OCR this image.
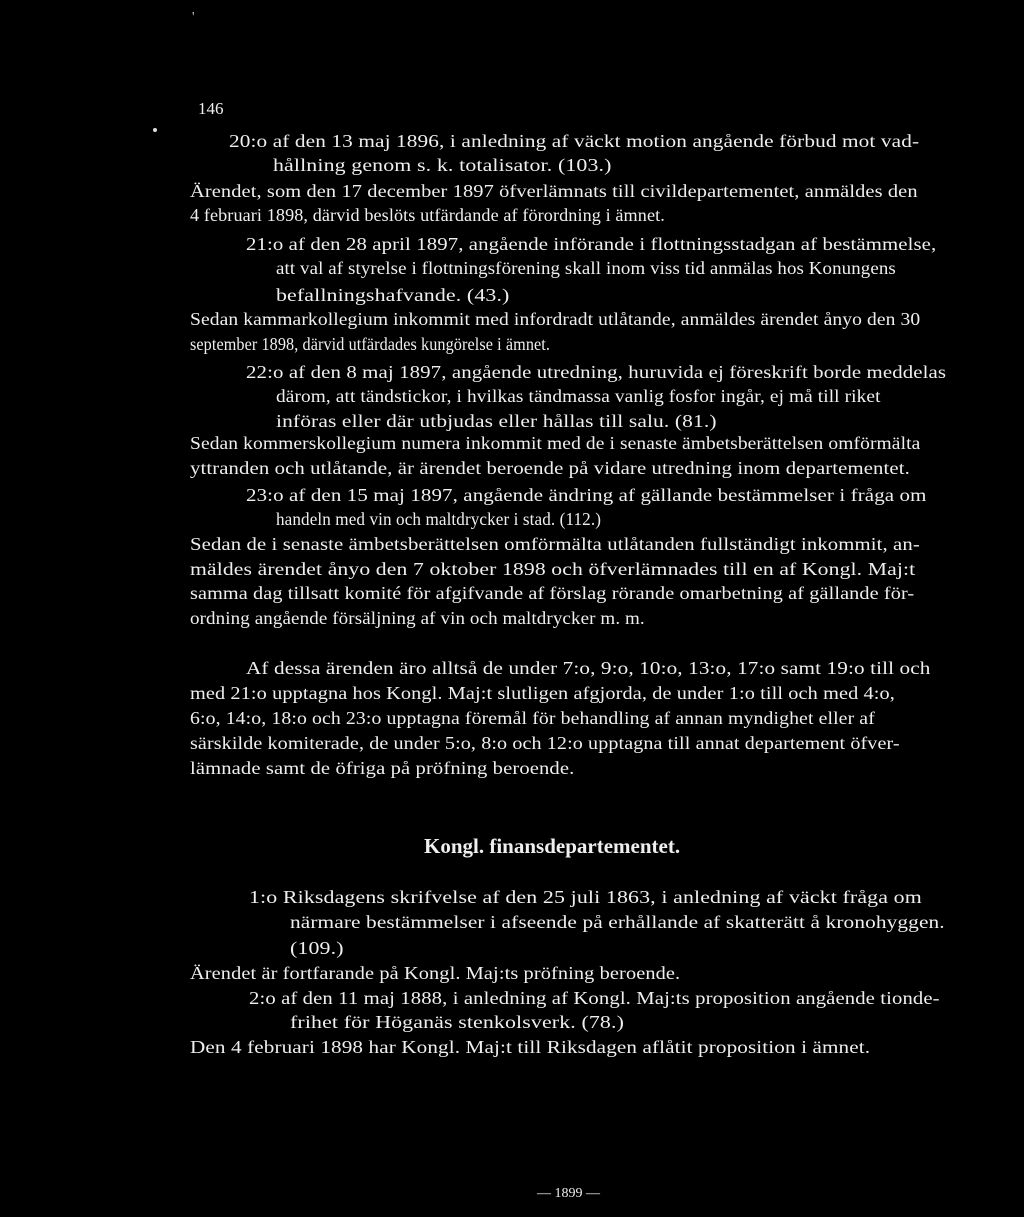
'
146
20:o af den 13 maj 1896, i anledning af väckt motion angående förbud mot vad-
hållning genom s. k. totalisator. (103.)
Ärendet, som den 17 december 1897 öfverlämnats till civildepartementet, anmäldes den
4 februari 1898, därvid beslöts utfärdande af förordning i ämnet.
21:o af den 28 april 1897, angående införande i flottningsstadgan af bestämmelse,
att val af styrelse i flottningsförening skall inom viss tid anmälas hos Konungens
befallningshafvande. (43.)
Sedan kammarkollegium inkommit med infordradt utlåtande, anmäldes ärendet ånyo den 30
september 1898, därvid utfärdades kungörelse i ämnet.
22:o af den 8 maj 1897, angående utredning, huruvida ej föreskrift borde meddelas
därom, att tändstickor, i hvilkas tändmassa vanlig fosfor ingår, ej må till riket
införas eller där utbjudas eller hållas till salu. (81.)
Sedan kommerskollegium numera inkommit med de i senaste ämbetsberättelsen omförmälta
yttranden och utlåtande, är ärendet beroende på vidare utredning inom departementet.
23:o af den 15 maj 1897, angående ändring af gällande bestämmelser i fråga om
handeln med vin och maltdrycker i stad. (112.)
Sedan de i senaste ämbetsberättelsen omförmälta utlåtanden fullständigt inkommit, an-
mäldes ärendet ånyo den 7 oktober 1898 och öfverlämnades till en af Kongl. Maj:t
samma dag tillsatt komité för afgifvande af förslag rörande omarbetning af gällande för-
ordning angående försäljning af vin och maltdrycker m. m.
Af dessa ärenden äro alltså de under 7:o, 9:o, 10:o, 13:o, 17:o samt 19:o till och
med 21:o upptagna hos Kongl. Maj:t slutligen afgjorda, de under 1:o till och med 4:o,
6:o, 14:o, 18:o och 23:o upptagna föremål för behandling af annan myndighet eller af
särskilde komiterade, de under 5:o, 8:o och 12:o upptagna till annat departement öfver-
lämnade samt de öfriga på pröfning beroende.
Kongl. finansdepartementet.
1:o Riksdagens skrifvelse af den 25 juli 1863, i anledning af väckt fråga om
närmare bestämmelser i afseende på erhållande af skatterätt å kronohyggen.
(109.)
Ärendet är fortfarande på Kongl. Maj:ts pröfning beroende.
2:o af den 11 maj 1888, i anledning af Kongl. Maj:ts proposition angående tionde-
frihet för Höganäs stenkolsverk. (78.)
Den 4 februari 1898 har Kongl. Maj:t till Riksdagen aflåtit proposition i ämnet.
— 1899 —
